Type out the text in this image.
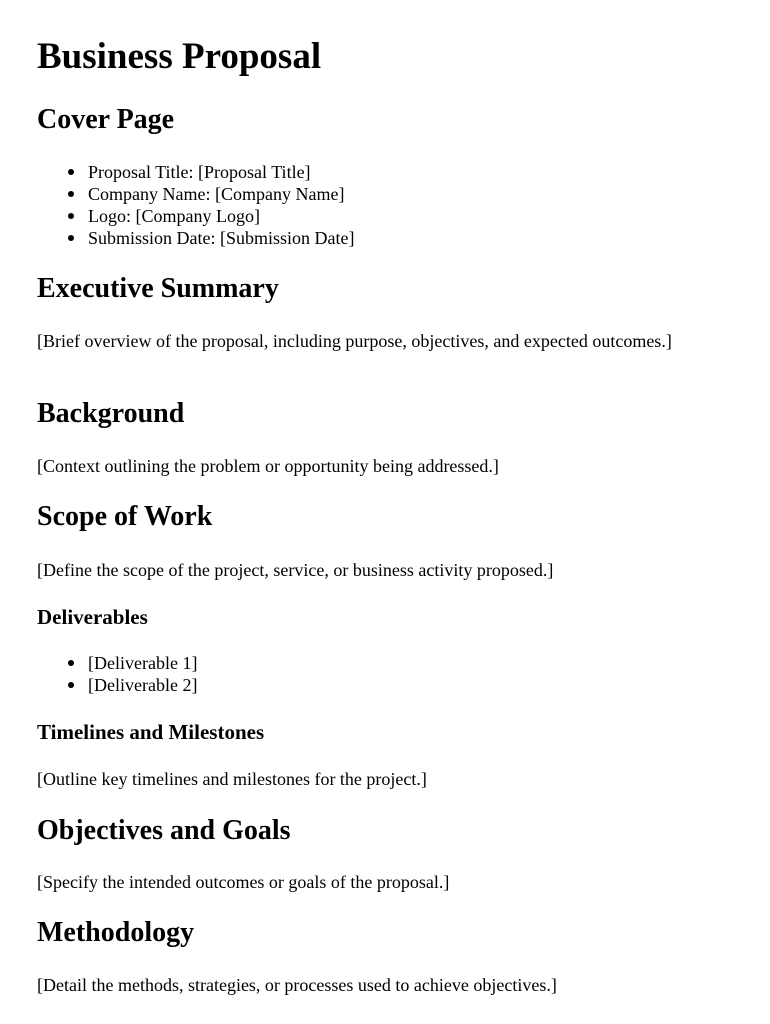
Business Proposal
Cover Page
Proposal Title: [Proposal Title]
Company Name: [Company Name]
Logo: [Company Logo]
Submission Date: [Submission Date]
Executive Summary

[Brief overview of the proposal, including purpose, objectives, and expected outcomes.]

Background

[Context outlining the problem or opportunity being addressed.]

Scope of Work

[Define the scope of the project, service, or business activity proposed.]

Deliverables
[Deliverable 1]
[Deliverable 2]
Timelines and Milestones

[Outline key timelines and milestones for the project.]

Objectives and Goals

[Specify the intended outcomes or goals of the proposal.]

Methodology

[Detail the methods, strategies, or processes used to achieve objectives.]
